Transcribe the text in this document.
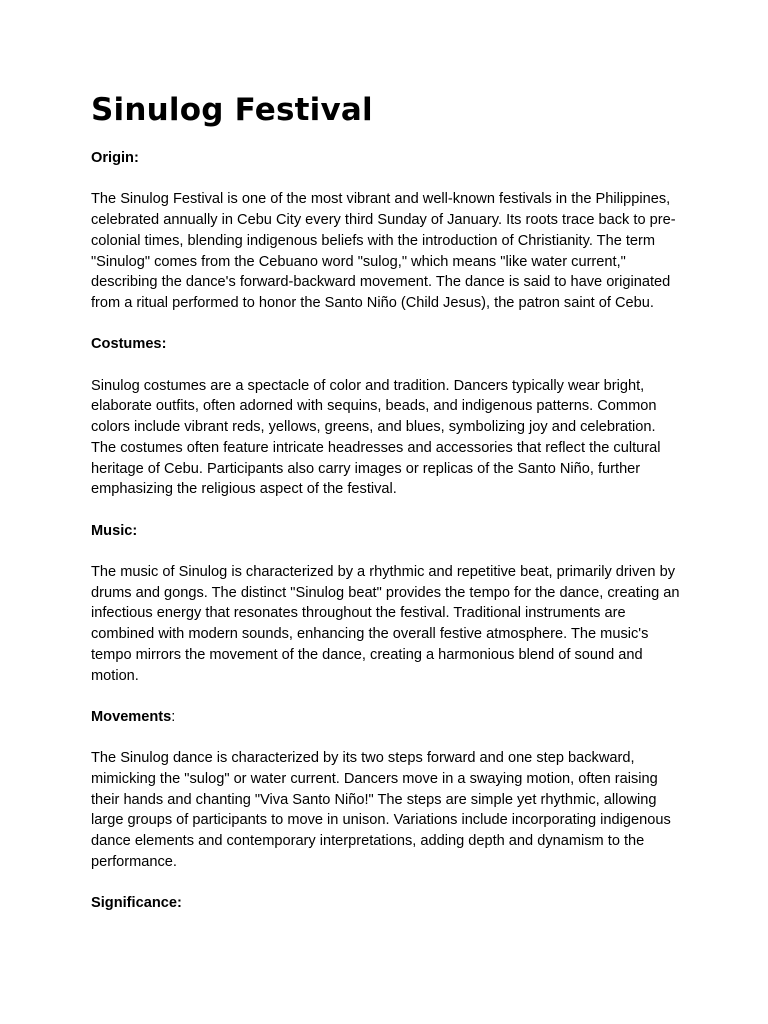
Sinulog Festival

Origin:

The Sinulog Festival is one of the most vibrant and well-known festivals in the Philippines, celebrated annually in Cebu City every third Sunday of January. Its roots trace back to pre-colonial times, blending indigenous beliefs with the introduction of Christianity. The term "Sinulog" comes from the Cebuano word "sulog," which means "like water current," describing the dance's forward-backward movement. The dance is said to have originated from a ritual performed to honor the Santo Niño (Child Jesus), the patron saint of Cebu.

Costumes:

Sinulog costumes are a spectacle of color and tradition. Dancers typically wear bright, elaborate outfits, often adorned with sequins, beads, and indigenous patterns. Common colors include vibrant reds, yellows, greens, and blues, symbolizing joy and celebration. The costumes often feature intricate headresses and accessories that reflect the cultural heritage of Cebu. Participants also carry images or replicas of the Santo Niño, further emphasizing the religious aspect of the festival.

Music:

The music of Sinulog is characterized by a rhythmic and repetitive beat, primarily driven by drums and gongs. The distinct "Sinulog beat" provides the tempo for the dance, creating an infectious energy that resonates throughout the festival. Traditional instruments are combined with modern sounds, enhancing the overall festive atmosphere. The music's tempo mirrors the movement of the dance, creating a harmonious blend of sound and motion.

Movements:

The Sinulog dance is characterized by its two steps forward and one step backward, mimicking the "sulog" or water current. Dancers move in a swaying motion, often raising their hands and chanting "Viva Santo Niño!" The steps are simple yet rhythmic, allowing large groups of participants to move in unison. Variations include incorporating indigenous dance elements and contemporary interpretations, adding depth and dynamism to the performance.

Significance:
